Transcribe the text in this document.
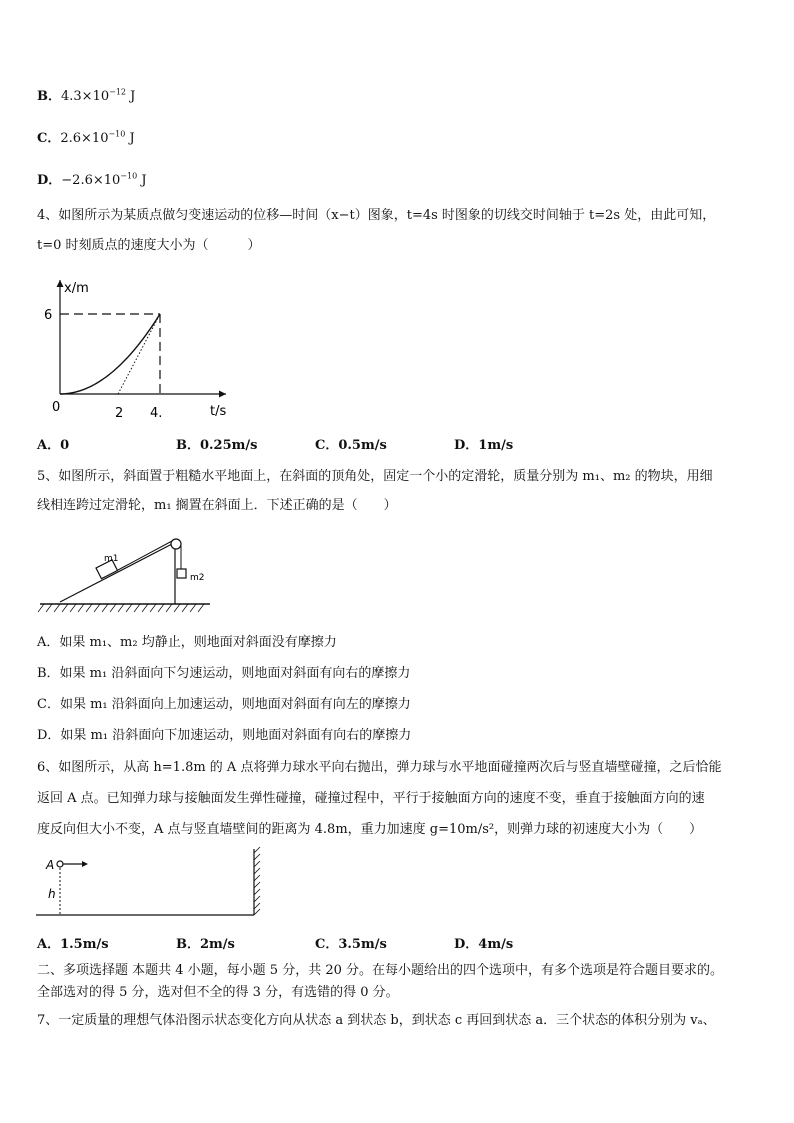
B．$4.3\times 10^{-12}$ J
C．$2.6\times 10^{-10}$ J
D．$-2.6\times 10^{-10}$ J
4、如图所示为某质点做匀变速运动的位移—时间（x−t）图象，t=4s 时图象的切线交时间轴于 t=2s 处，由此可知，
t=0 时刻质点的速度大小为（　　　）
x/m
6
0	2 4.	t/s
A．0	B．0.25m/s	C．0.5m/s	D．1m/s
5、如图所示，斜面置于粗糙水平地面上，在斜面的顶角处，固定一个小的定滑轮，质量分别为 m₁、m₂ 的物块，用细
线相连跨过定滑轮，m₁ 搁置在斜面上．下述正确的是（　　）
m1
m2
A．如果 m₁、m₂ 均静止，则地面对斜面没有摩擦力
B．如果 m₁ 沿斜面向下匀速运动，则地面对斜面有向右的摩擦力
C．如果 m₁ 沿斜面向上加速运动，则地面对斜面有向左的摩擦力
D．如果 m₁ 沿斜面向下加速运动，则地面对斜面有向右的摩擦力
6、如图所示，从高 h=1.8m 的 A 点将弹力球水平向右抛出，弹力球与水平地面碰撞两次后与竖直墙壁碰撞，之后恰能
返回 A 点。已知弹力球与接触面发生弹性碰撞，碰撞过程中，平行于接触面方向的速度不变，垂直于接触面方向的速
度反向但大小不变，A 点与竖直墙壁间的距离为 4.8m，重力加速度 g=10m/s²，则弹力球的初速度大小为（　　）
A
h
A．1.5m/s	B．2m/s	C．3.5m/s	D．4m/s
二、多项选择题 本题共 4 小题，每小题 5 分，共 20 分。在每小题给出的四个选项中，有多个选项是符合题目要求的。
全部选对的得 5 分，选对但不全的得 3 分，有选错的得 0 分。
7、一定质量的理想气体沿图示状态变化方向从状态 a 到状态 b，到状态 c 再回到状态 a．三个状态的体积分别为 vₐ、
